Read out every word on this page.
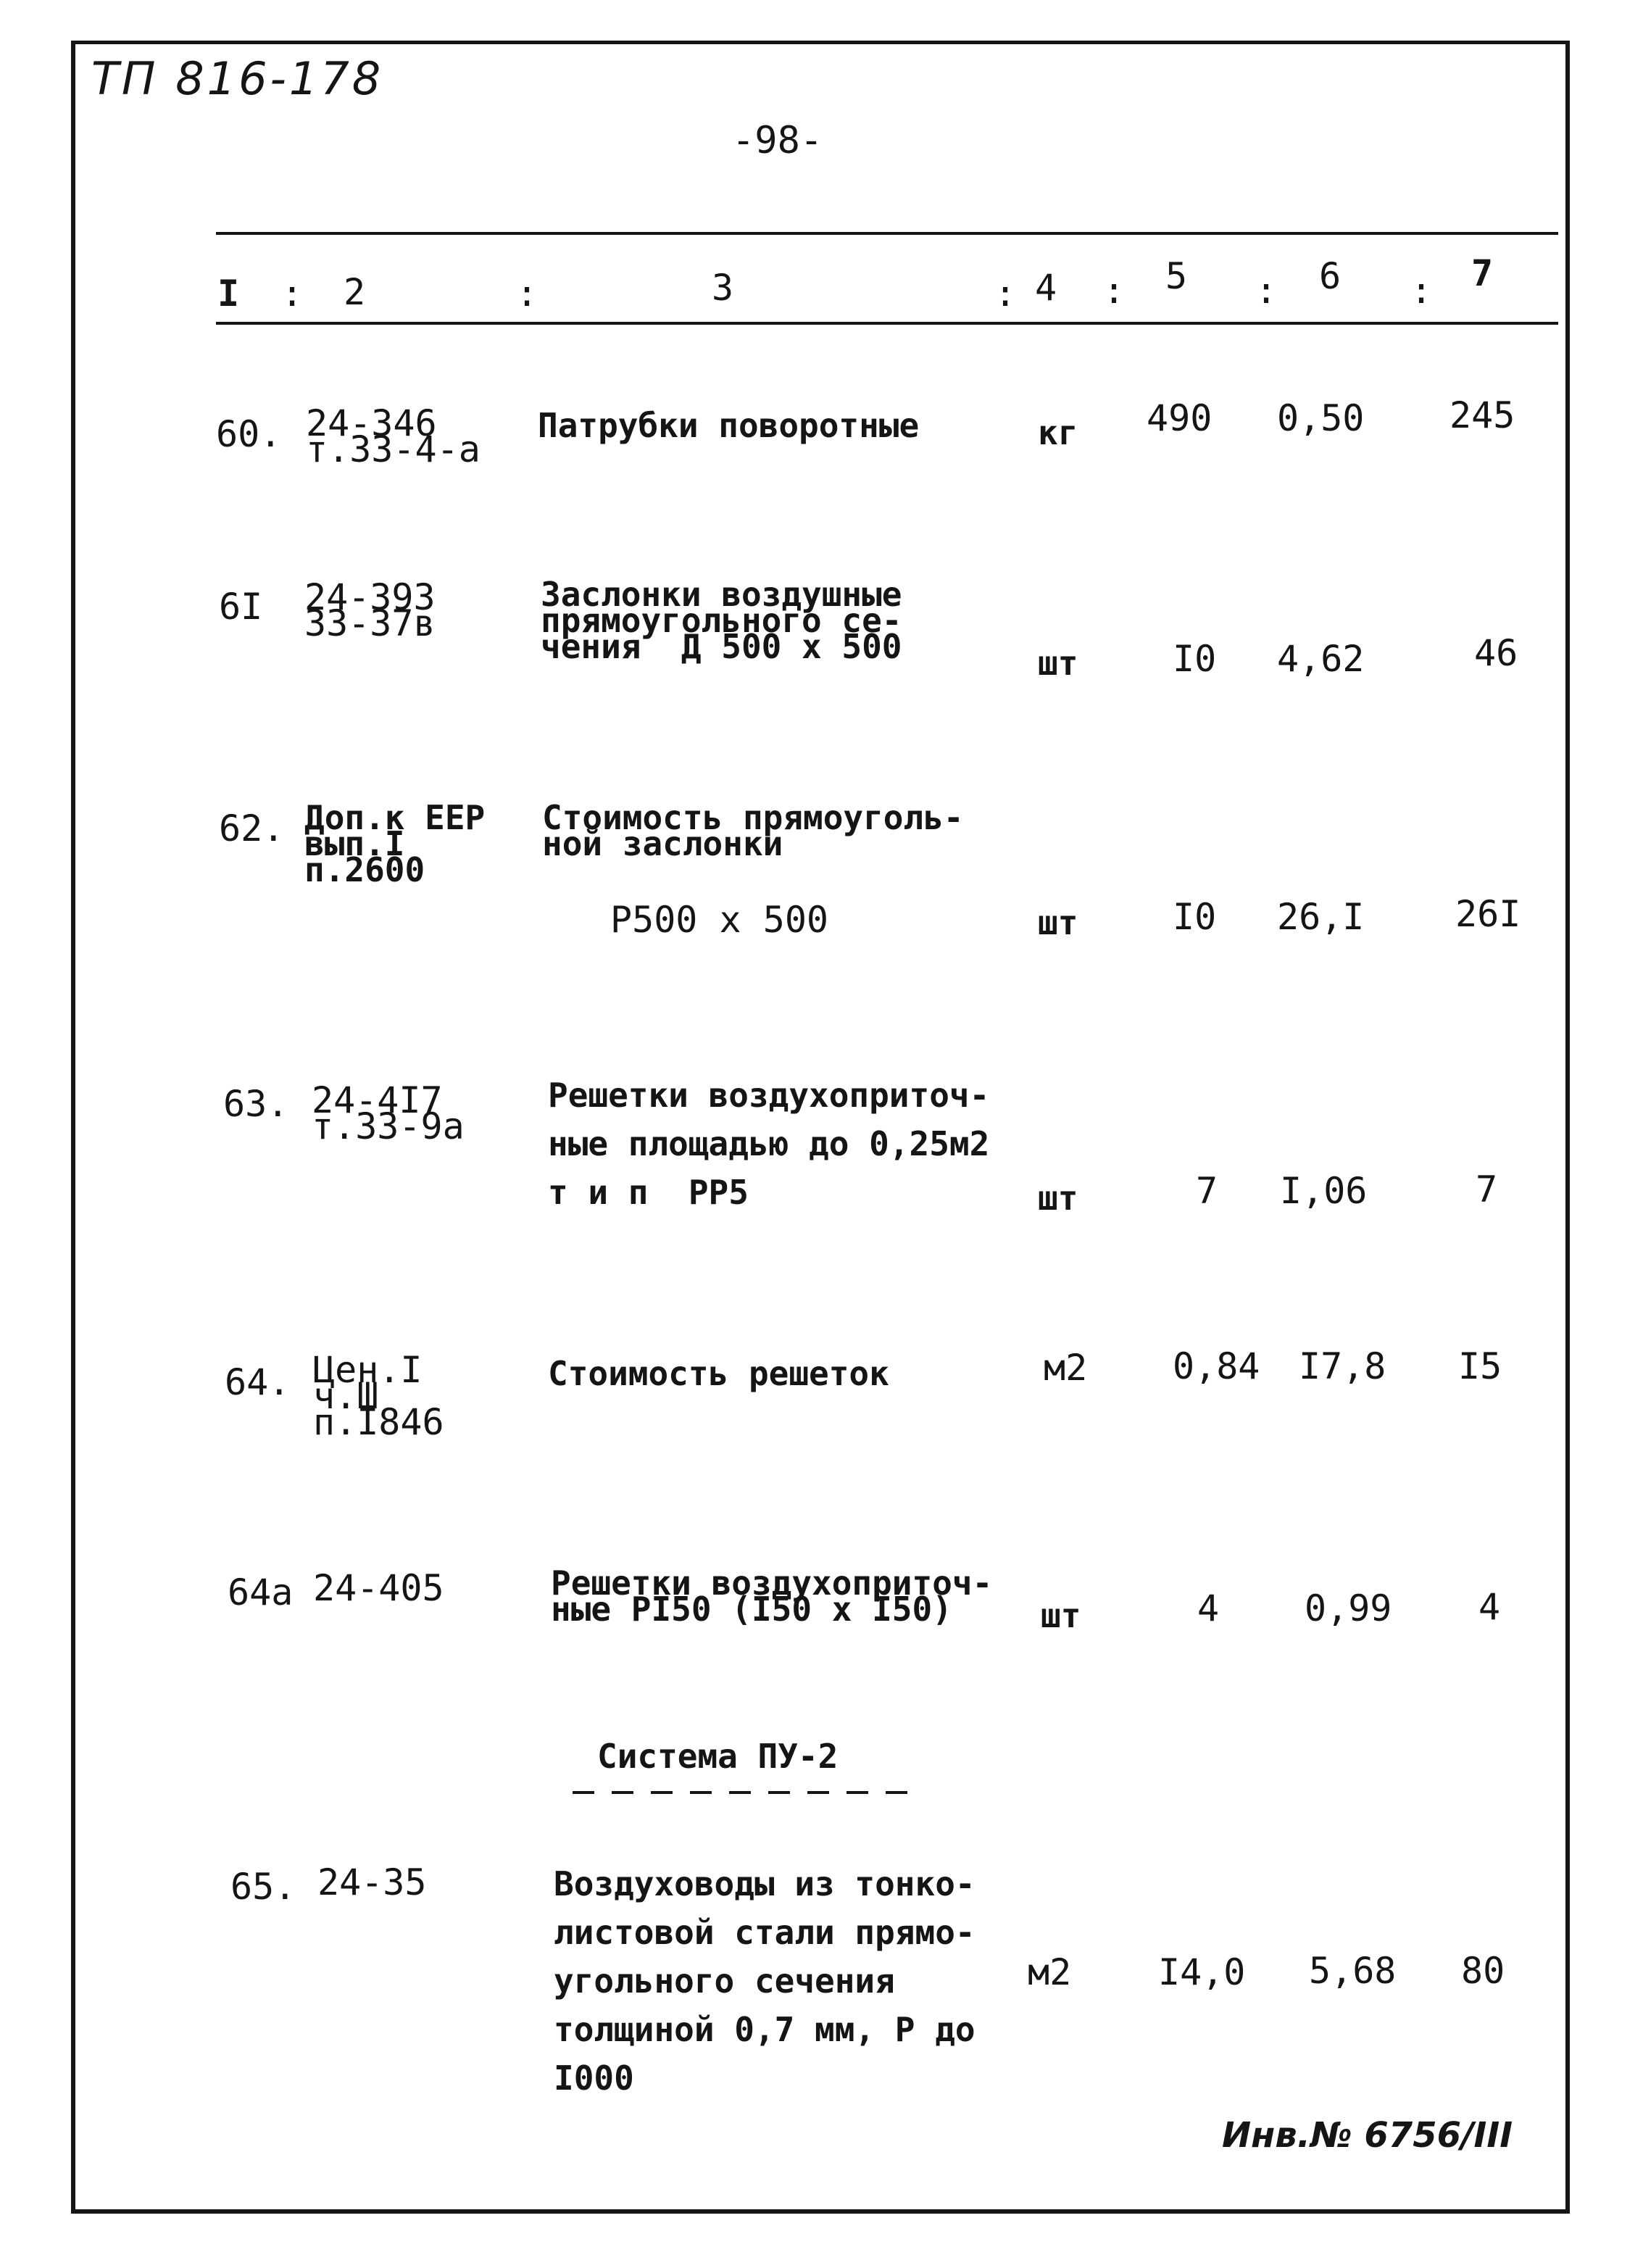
ТП 816-178
-98-
I : 2	:	3	: 4 : 5 : 6 : 7
60. 24-346
т.33-4-а
Патрубки поворотные	кг 490 0,50 245
6I 24-393
33-37в
Заслонки воздушные
прямоугольного се-
чения  Д 500 х 500	шт	I0 4,62	46
62. Доп.к ЕЕР
вып.I
п.2600
Стоимость прямоуголь-
ной заслонки
Р500 х 500	шт	I0 26,I	26I
63. 24-4I7
т.33-9а
Решетки воздухоприточ-
ные площадью до 0,25м2
т и п  РР5	шт	7 I,06	7
64. Цен.I
ч.Ш
п.I846
Стоимость решеток	м2 0,84 I7,8 I5
64а 24-405	Решетки воздухоприточ-
ные РI50 (I50 х I50)	шт	4 0,99 4
Система ПУ-2
65. 24-35	Воздуховоды из тонко-
листовой стали прямо-
угольного сечения
толщиной 0,7 мм, Р до
I000
м2 I4,0 5,68 80
Инв.№ 6756/ІІІ
